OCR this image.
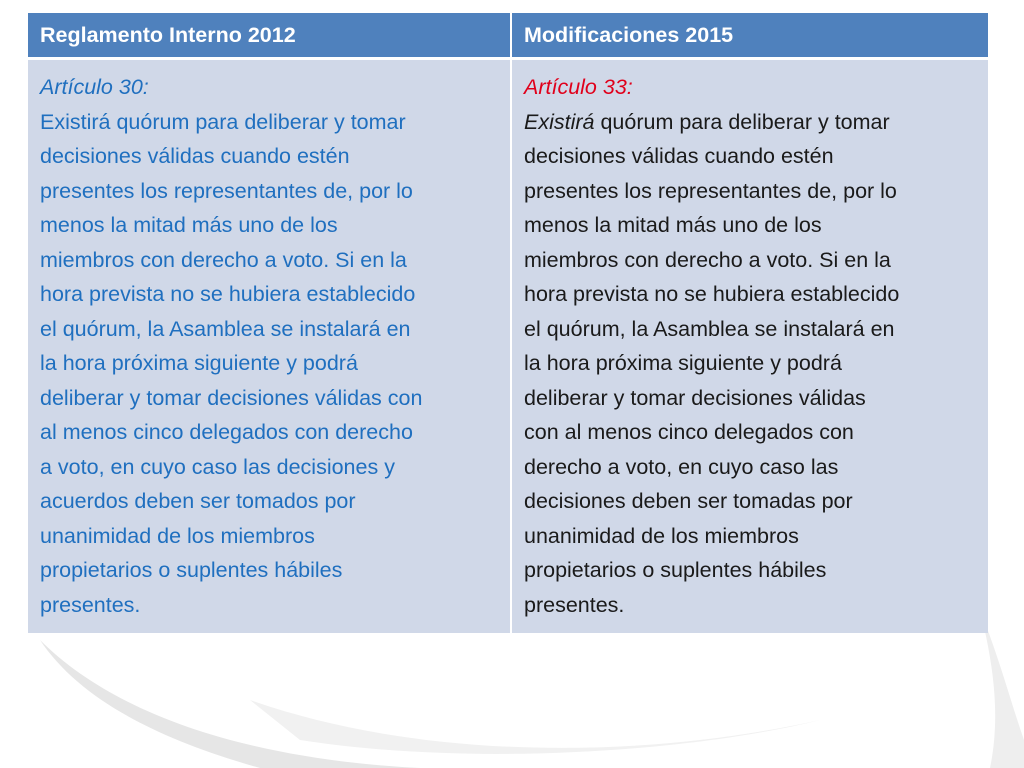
Reglamento Interno 2012	Modificaciones 2015
Artículo 30:
Existirá quórum para deliberar y tomar
decisiones válidas cuando estén
presentes los representantes de, por lo
menos la mitad más uno de los
miembros con derecho a voto. Si en la
hora prevista no se hubiera establecido
el quórum, la Asamblea se instalará en
la hora próxima siguiente y podrá
deliberar y tomar decisiones válidas con
al menos cinco delegados con derecho
a voto, en cuyo caso las decisiones y
acuerdos deben ser tomados por
unanimidad de los miembros
propietarios o suplentes hábiles
presentes.
Artículo 33:
Existirá quórum para deliberar y tomar
decisiones válidas cuando estén
presentes los representantes de, por lo
menos la mitad más uno de los
miembros con derecho a voto. Si en la
hora prevista no se hubiera establecido
el quórum, la Asamblea se instalará en
la hora próxima siguiente y podrá
deliberar y tomar decisiones válidas
con al menos cinco delegados con
derecho a voto, en cuyo caso las
decisiones deben ser tomadas por
unanimidad de los miembros
propietarios o suplentes hábiles
presentes.
